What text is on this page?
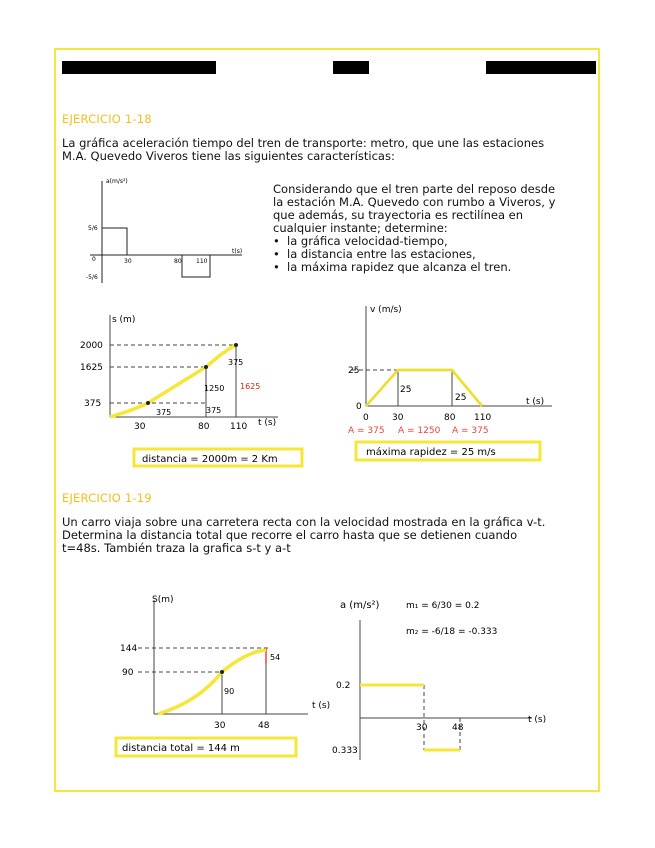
EJERCICIO 1-18
La gráfica aceleración tiempo del tren de transporte: metro, que une las estaciones
M.A. Quevedo Viveros tiene las siguientes características:
Considerando que el tren parte del reposo desde
la estación M.A. Quevedo con rumbo a Viveros, y
que además, su trayectoria es rectilínea en
cualquier instante; determine:
• la gráfica velocidad-tiempo,
• la distancia entre las estaciones,
• la máxima rapidez que alcanza el tren.
a(m/s²)
t(s)
5/6
0
-5/6
30	80 110
s (m)
t (s)
2000
1625
375
30	80 110
375
1250
375
375
1625
distancia = 2000m = 2 Km
v (m/s)
t (s)
25
0
0	30	80 110
25
25
A = 375 A = 1250 A = 375
máxima rapidez = 25 m/s
EJERCICIO 1-19
Un carro viaja sobre una carretera recta con la velocidad mostrada en la gráfica v-t.
Determina la distancia total que recorre el carro hasta que se detienen cuando
t=48s. También traza la grafica s-t y a-t
S(m)
t (s)
144
90
30	48
54
90
distancia total = 144 m
a (m/s²)	m₁ = 6/30 = 0.2
m₂ = -6/18 = -0.333
t (s)
0.2
0.333
30	48
